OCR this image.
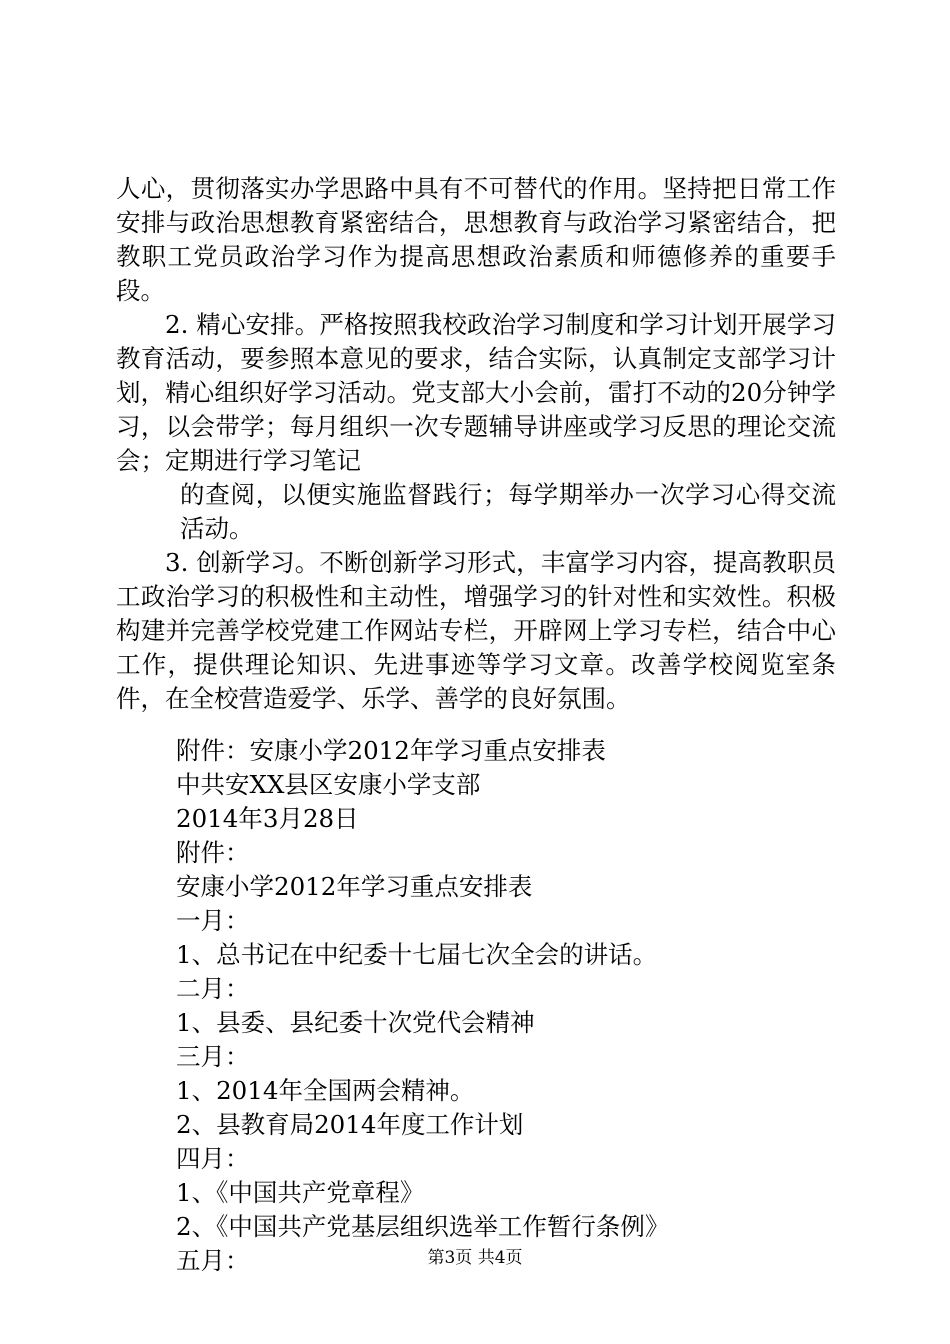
人心，贯彻落实办学思路中具有不可替代的作用。坚持把日常工作安排与政治思想教育紧密结合，思想教育与政治学习紧密结合，把教职工党员政治学习作为提高思想政治素质和师德修养的重要手段。

2. 精心安排。严格按照我校政治学习制度和学习计划开展学习教育活动，要参照本意见的要求，结合实际，认真制定支部学习计划，精心组织好学习活动。党支部大小会前，雷打不动的20分钟学习，以会带学；每月组织一次专题辅导讲座或学习反思的理论交流会；定期进行学习笔记

的查阅，以便实施监督践行；每学期举办一次学习心得交流活动。

3. 创新学习。不断创新学习形式，丰富学习内容，提高教职员工政治学习的积极性和主动性，增强学习的针对性和实效性。积极构建并完善学校党建工作网站专栏，开辟网上学习专栏，结合中心工作，提供理论知识、先进事迹等学习文章。改善学校阅览室条件，在全校营造爱学、乐学、善学的良好氛围。

附件：安康小学2012年学习重点安排表

中共安XX县区安康小学支部

2014年3月28日

附件：

安康小学2012年学习重点安排表

一月：

1、总书记在中纪委十七届七次全会的讲话。

二月：

1、县委、县纪委十次党代会精神

三月：

1、2014年全国两会精神。

2、县教育局2014年度工作计划

四月：

1、《中国共产党章程》

2、《中国共产党基层组织选举工作暂行条例》

五月：	第3页 共4页
